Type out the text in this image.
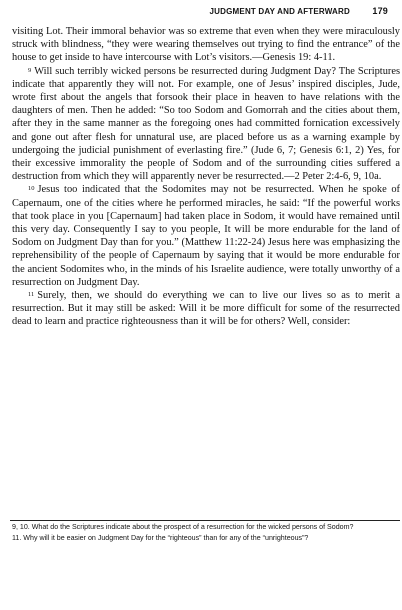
JUDGMENT DAY AND AFTERWARD 179

visiting Lot. Their immoral behavior was so extreme that even when they were miraculously struck with blindness, “they were wearing themselves out trying to find the entrance” of the house to get inside to have intercourse with Lot’s visitors.—Genesis 19: 4-11.

$^9$ Will such terribly wicked persons be resurrected during Judgment Day? The Scriptures indicate that apparently they will not. For example, one of Jesus’ inspired disciples, Jude, wrote first about the angels that forsook their place in heaven to have relations with the daughters of men. Then he added: “So too Sodom and Gomorrah and the cities about them, after they in the same manner as the foregoing ones had committed fornication excessively and gone out after flesh for unnatural use, are placed before us as a warning example by undergoing the judicial punishment of everlasting fire.” (Jude 6, 7; Genesis 6:1, 2) Yes, for their excessive immorality the people of Sodom and of the surrounding cities suffered a destruction from which they will apparently never be resurrected.—2 Peter 2:4-6, 9, 10a.

$^{10}$ Jesus too indicated that the Sodomites may not be resurrected. When he spoke of Capernaum, one of the cities where he performed miracles, he said: “If the powerful works that took place in you [Capernaum] had taken place in Sodom, it would have remained until this very day. Consequently I say to you people, It will be more endurable for the land of Sodom on Judgment Day than for you.” (Matthew 11:22-24) Jesus here was emphasizing the reprehensibility of the people of Capernaum by saying that it would be more endurable for the ancient Sodomites who, in the minds of his Israelite audience, were totally unworthy of a resurrection on Judgment Day.

$^{11}$ Surely, then, we should do everything we can to live our lives so as to merit a resurrection. But it may still be asked: Will it be more difficult for some of the resurrected dead to learn and practice righteousness than it will be for others? Well, consider:

9, 10. What do the Scriptures indicate about the prospect of a resurrection for the wicked persons of Sodom?

11. Why will it be easier on Judgment Day for the “righteous” than for any of the “unrighteous”?
